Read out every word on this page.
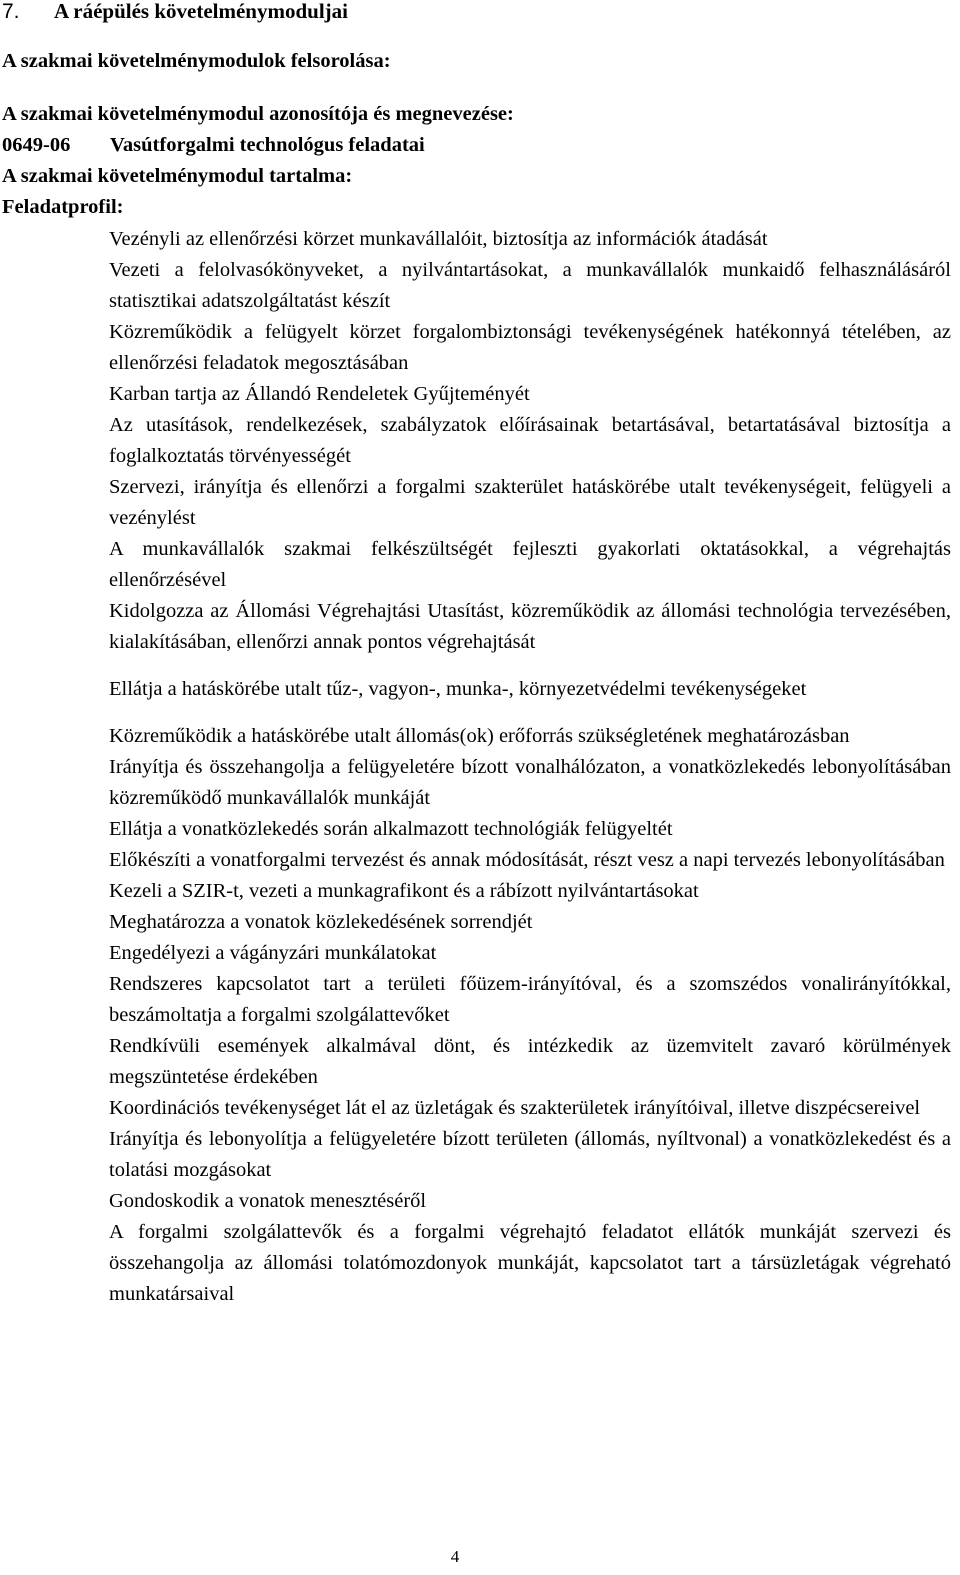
7. A ráépülés követelménymoduljai
A szakmai követelménymodulok felsorolása:
A szakmai követelménymodul azonosítója és megnevezése:
0649-06 Vasútforgalmi technológus feladatai
A szakmai követelménymodul tartalma:
Feladatprofil:
Vezényli az ellenőrzési körzet munkavállalóit, biztosítja az információk átadását
Vezeti a felolvasókönyveket, a nyilvántartásokat, a munkavállalók munkaidő felhasználásáról statisztikai adatszolgáltatást készít
Közreműködik a felügyelt körzet forgalombiztonsági tevékenységének hatékonnyá tételében, az ellenőrzési feladatok megosztásában
Karban tartja az Állandó Rendeletek Gyűjteményét
Az utasítások, rendelkezések, szabályzatok előírásainak betartásával, betartatásával biztosítja a foglalkoztatás törvényességét
Szervezi, irányítja és ellenőrzi a forgalmi szakterület hatáskörébe utalt tevékenységeit, felügyeli a vezénylést
A munkavállalók szakmai felkészültségét fejleszti gyakorlati oktatásokkal, a végrehajtás ellenőrzésével
Kidolgozza az Állomási Végrehajtási Utasítást, közreműködik az állomási technológia tervezésében, kialakításában, ellenőrzi annak pontos végrehajtását
Ellátja a hatáskörébe utalt tűz-, vagyon-, munka-, környezetvédelmi tevékenységeket
Közreműködik a hatáskörébe utalt állomás(ok) erőforrás szükségletének meghatározásban
Irányítja és összehangolja a felügyeletére bízott vonalhálózaton, a vonatközlekedés lebonyolításában közreműködő munkavállalók munkáját
Ellátja a vonatközlekedés során alkalmazott technológiák felügyeltét
Előkészíti a vonatforgalmi tervezést és annak módosítását, részt vesz a napi tervezés lebonyolításában
Kezeli a SZIR-t, vezeti a munkagrafikont és a rábízott nyilvántartásokat
Meghatározza a vonatok közlekedésének sorrendjét
Engedélyezi a vágányzári munkálatokat
Rendszeres kapcsolatot tart a területi főüzem-irányítóval, és a szomszédos vonalirányítókkal, beszámoltatja a forgalmi szolgálattevőket
Rendkívüli események alkalmával dönt, és intézkedik az üzemvitelt zavaró körülmények megszüntetése érdekében
Koordinációs tevékenységet lát el az üzletágak és szakterületek irányítóival, illetve diszpécsereivel
Irányítja és lebonyolítja a felügyeletére bízott területen (állomás, nyíltvonal) a vonatközlekedést és a tolatási mozgásokat
Gondoskodik a vonatok menesztéséről
A forgalmi szolgálattevők és a forgalmi végrehajtó feladatot ellátók munkáját szervezi és összehangolja az állomási tolatómozdonyok munkáját, kapcsolatot tart a társüzletágak végreható munkatársaival
4
